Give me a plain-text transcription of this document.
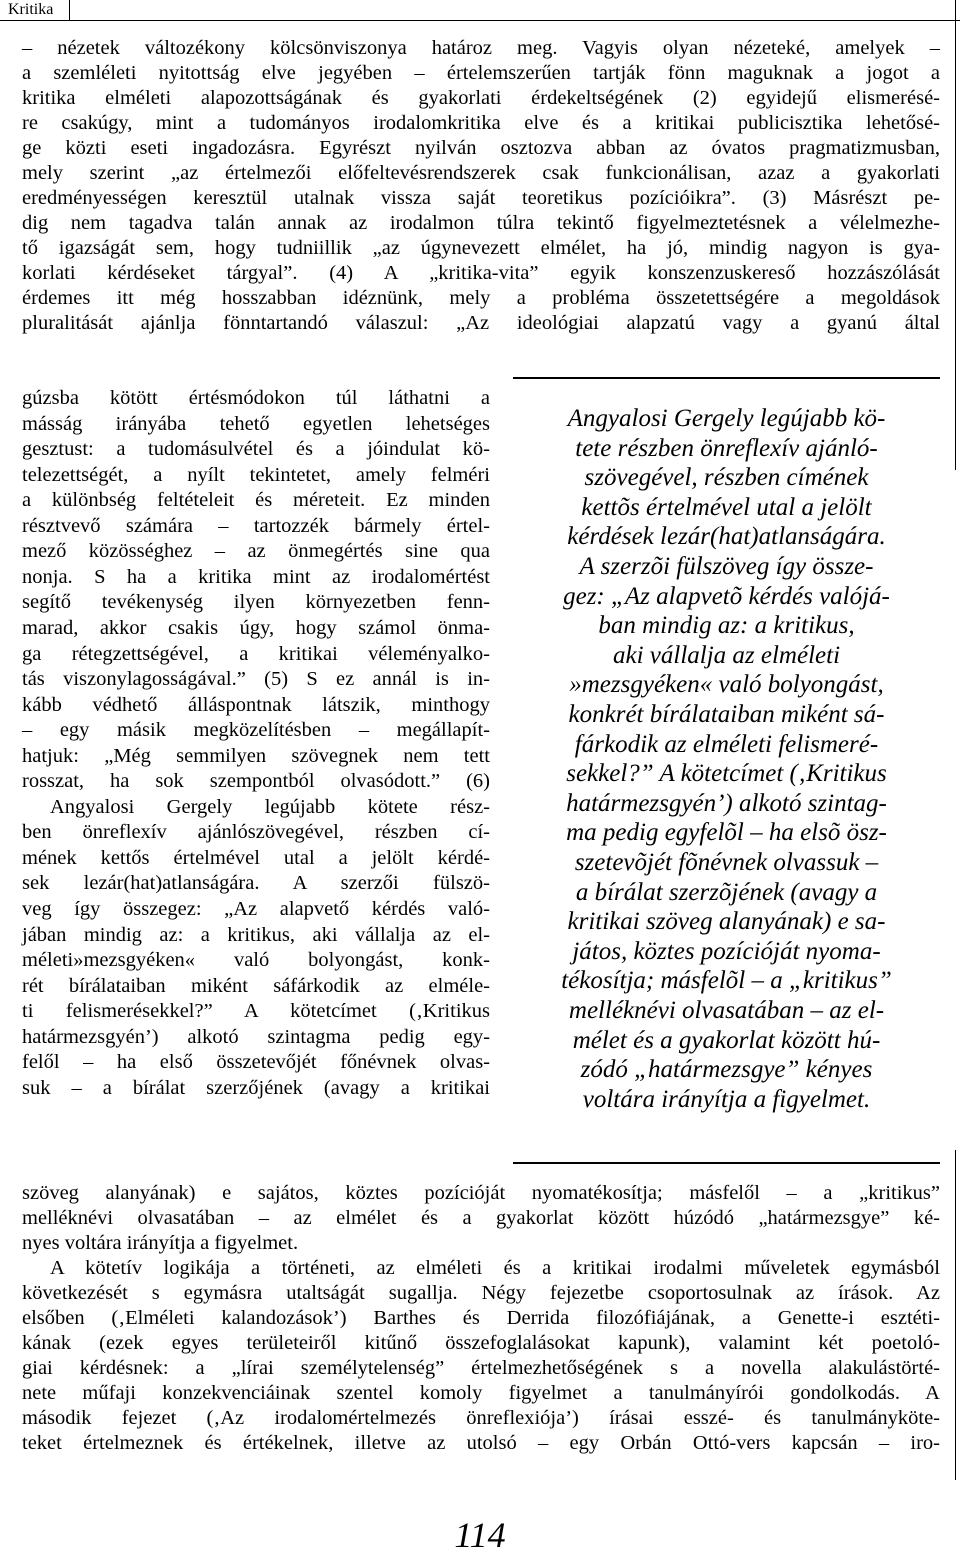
Kritika
– nézetek változékony kölcsönviszonya határoz meg. Vagyis olyan nézeteké, amelyek –
a szemléleti nyitottság elve jegyében – értelemszerűen tartják fönn maguknak a jogot a
kritika elméleti alapozottságának és gyakorlati érdekeltségének (2) egyidejű elismerésé-
re csakúgy, mint a tudományos irodalomkritika elve és a kritikai publicisztika lehetősé-
ge közti eseti ingadozásra. Egyrészt nyilván osztozva abban az óvatos pragmatizmusban,
mely szerint „az értelmezői előfeltevésrendszerek csak funkcionálisan, azaz a gyakorlati
eredményességen keresztül utalnak vissza saját teoretikus pozícióikra”. (3) Másrészt pe-
dig nem tagadva talán annak az irodalmon túlra tekintő figyelmeztetésnek a vélelmezhe-
tő igazságát sem, hogy tudniillik „az úgynevezett elmélet, ha jó, mindig nagyon is gya-
korlati kérdéseket tárgyal”. (4) A „kritika-vita” egyik konszenzuskereső hozzászólását
érdemes itt még hosszabban idéznünk, mely a probléma összetettségére a megoldások
pluralitását ajánlja fönntartandó válaszul: „Az ideológiai alapzatú vagy a gyanú által
gúzsba kötött értésmódokon túl láthatni a
másság irányába tehető egyetlen lehetséges
gesztust: a tudomásulvétel és a jóindulat kö-
telezettségét, a nyílt tekintetet, amely felméri
a különbség feltételeit és méreteit. Ez minden
résztvevő számára – tartozzék bármely értel-
mező közösséghez – az önmegértés sine qua
nonja. S ha a kritika mint az irodalomértést
segítő tevékenység ilyen környezetben fenn-
marad, akkor csakis úgy, hogy számol önma-
ga rétegzettségével, a kritikai véleményalko-
tás viszonylagosságával.” (5) S ez annál is in-
kább védhető álláspontnak látszik, minthogy
– egy másik megközelítésben – megállapít-
hatjuk: „Még semmilyen szövegnek nem tett
rosszat, ha sok szempontból olvasódott.” (6)
Angyalosi Gergely legújabb kötete rész-
ben önreflexív ajánlószövegével, részben cí-
mének kettős értelmével utal a jelölt kérdé-
sek lezár(hat)atlanságára. A szerzői fülszö-
veg így összegez: „Az alapvető kérdés való-
jában mindig az: a kritikus, aki vállalja az el-
méleti»mezsgyéken« való bolyongást, konk-
rét bírálataiban miként sáfárkodik az elméle-
ti felismerésekkel?” A kötetcímet (‚Kritikus
határmezsgyén’) alkotó szintagma pedig egy-
felől – ha első összetevőjét főnévnek olvas-
suk – a bírálat szerzőjének (avagy a kritikai
Angyalosi Gergely legújabb kö-
tete részben önreflexív ajánló-
szövegével, részben címének
kettõs értelmével utal a jelölt
kérdések lezár(hat)atlanságára.
A szerzõi fülszöveg így össze-
gez: „Az alapvetõ kérdés valójá-
ban mindig az: a kritikus,
aki vállalja az elméleti
»mezsgyéken« való bolyongást,
konkrét bírálataiban miként sá-
fárkodik az elméleti felismeré-
sekkel?” A kötetcímet (‚Kritikus
határmezsgyén’) alkotó szintag-
ma pedig egyfelõl – ha elsõ ösz-
szetevõjét fõnévnek olvassuk –
a bírálat szerzõjének (avagy a
kritikai szöveg alanyának) e sa-
játos, köztes pozícióját nyoma-
tékosítja; másfelõl – a „kritikus”
melléknévi olvasatában – az el-
mélet és a gyakorlat között hú-
zódó „határmezsgye” kényes
voltára irányítja a figyelmet.
szöveg alanyának) e sajátos, köztes pozícióját nyomatékosítja; másfelől – a „kritikus”
melléknévi olvasatában – az elmélet és a gyakorlat között húzódó „határmezsgye” ké-
nyes voltára irányítja a figyelmet.
A kötetív logikája a történeti, az elméleti és a kritikai irodalmi műveletek egymásból
következését s egymásra utaltságát sugallja. Négy fejezetbe csoportosulnak az írások. Az
elsőben (‚Elméleti kalandozások’) Barthes és Derrida filozófiájának, a Genette-i esztéti-
kának (ezek egyes területeiről kitűnő összefoglalásokat kapunk), valamint két poetoló-
giai kérdésnek: a „lírai személytelenség” értelmezhetőségének s a novella alakulástörté-
nete műfaji konzekvenciáinak szentel komoly figyelmet a tanulmányírói gondolkodás. A
második fejezet (‚Az irodalomértelmezés önreflexiója’) írásai esszé- és tanulmánykötе-
teket értelmeznek és értékelnek, illetve az utolsó – egy Orbán Ottó-vers kapcsán – iro-
114
